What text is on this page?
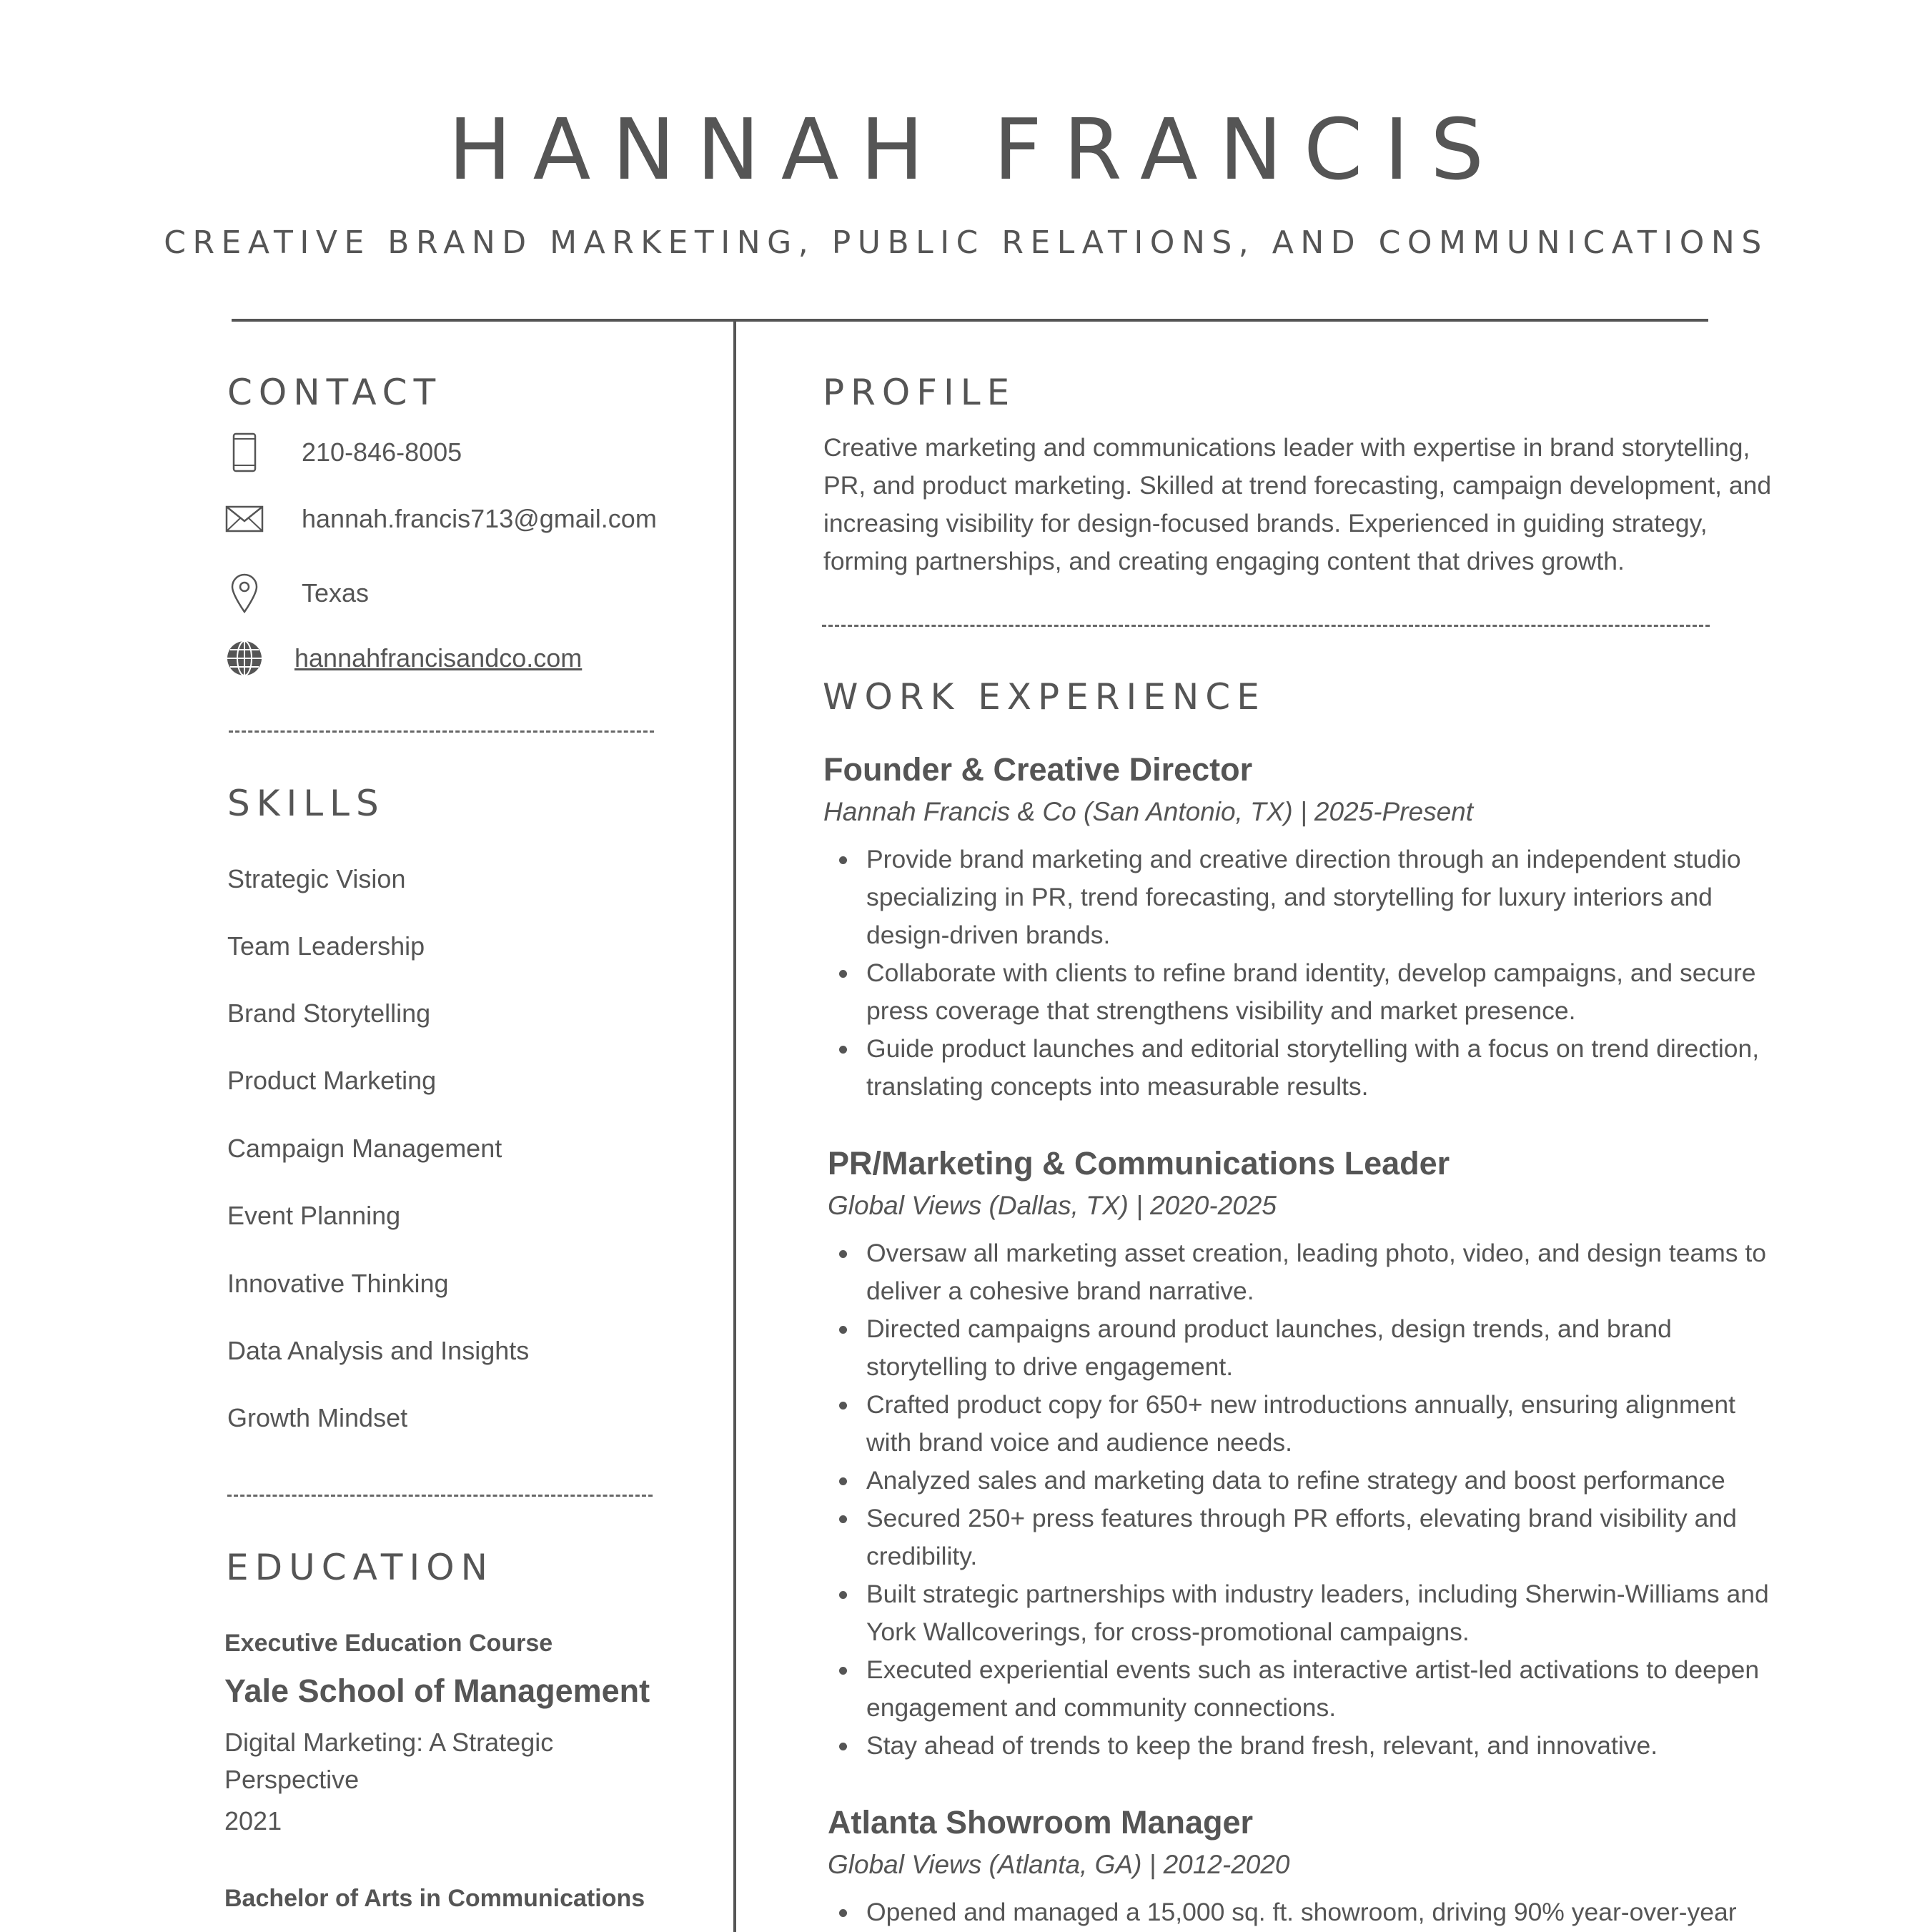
HANNAH FRANCIS
CREATIVE BRAND MARKETING, PUBLIC RELATIONS, AND COMMUNICATIONS
CONTACT
210-846-8005
hannah.francis713@gmail.com
Texas
hannahfrancisandco.com
SKILLS
Strategic Vision
Team Leadership
Brand Storytelling
Product Marketing
Campaign Management
Event Planning
Innovative Thinking
Data Analysis and Insights
Growth Mindset
EDUCATION
Executive Education Course
Yale School of Management
Digital Marketing: A Strategic Perspective
2021
Bachelor of Arts in Communications
PROFILE
Creative marketing and communications leader with expertise in brand storytelling, PR, and product marketing. Skilled at trend forecasting, campaign development, and increasing visibility for design-focused brands. Experienced in guiding strategy, forming partnerships, and creating engaging content that drives growth.
WORK EXPERIENCE
Founder & Creative Director
Hannah Francis & Co (San Antonio, TX) | 2025-Present
Provide brand marketing and creative direction through an independent studio specializing in PR, trend forecasting, and storytelling for luxury interiors and design-driven brands.
Collaborate with clients to refine brand identity, develop campaigns, and secure press coverage that strengthens visibility and market presence.
Guide product launches and editorial storytelling with a focus on trend direction, translating concepts into measurable results.
PR/Marketing & Communications Leader
Global Views (Dallas, TX) | 2020-2025
Oversaw all marketing asset creation, leading photo, video, and design teams to deliver a cohesive brand narrative.
Directed campaigns around product launches, design trends, and brand storytelling to drive engagement.
Crafted product copy for 650+ new introductions annually, ensuring alignment with brand voice and audience needs.
Analyzed sales and marketing data to refine strategy and boost performance
Secured 250+ press features through PR efforts, elevating brand visibility and credibility.
Built strategic partnerships with industry leaders, including Sherwin-Williams and York Wallcoverings, for cross-promotional campaigns.
Executed experiential events such as interactive artist-led activations to deepen engagement and community connections.
Stay ahead of trends to keep the brand fresh, relevant, and innovative.
Atlanta Showroom Manager
Global Views (Atlanta, GA) | 2012-2020
Opened and managed a 15,000 sq. ft. showroom, driving 90% year-over-year
